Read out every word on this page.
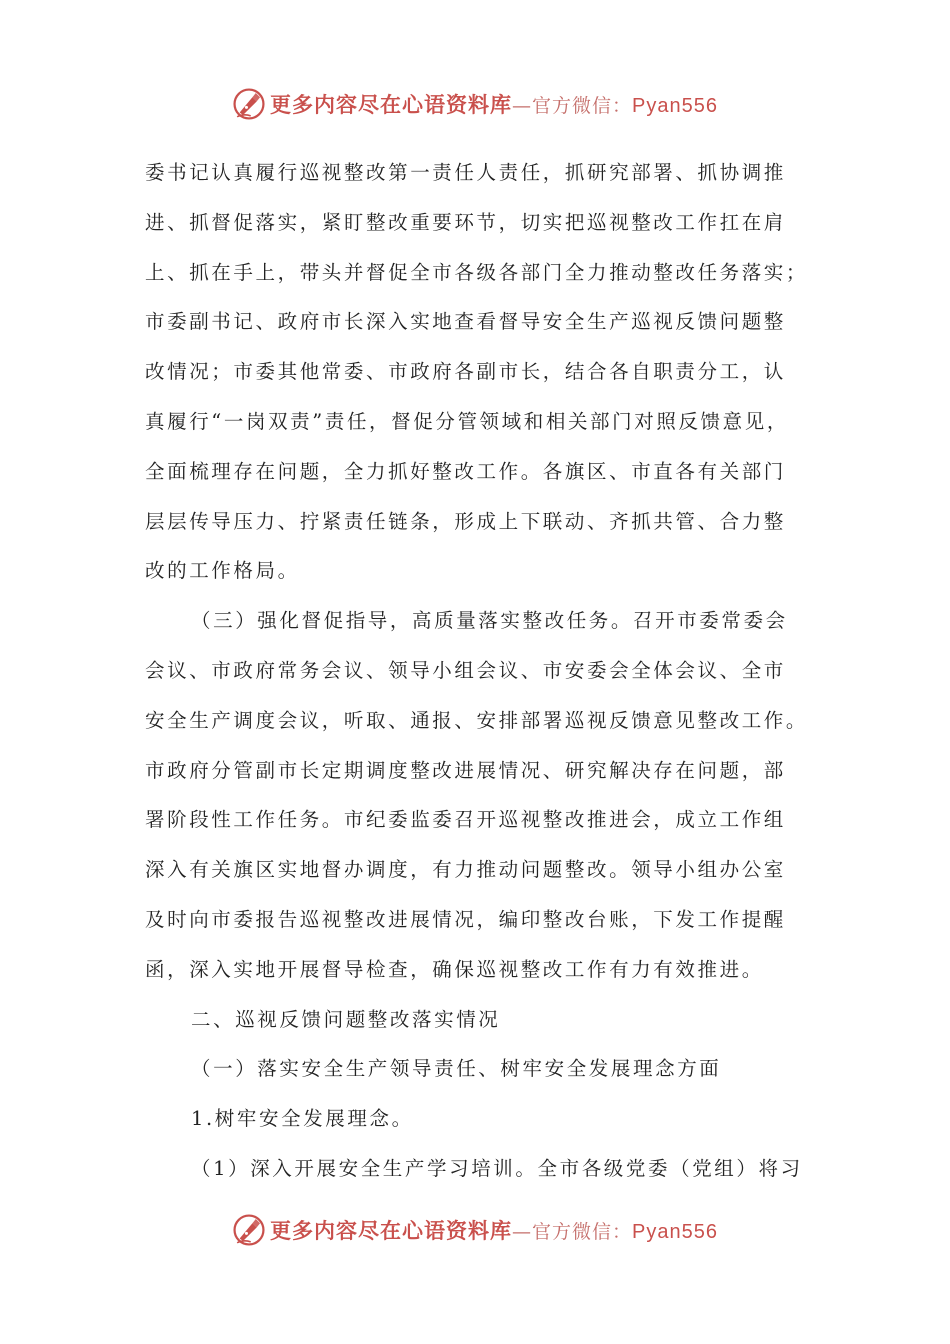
更多内容尽在心语资料库—官方微信：Pyan556
委书记认真履行巡视整改第一责任人责任，抓研究部署、抓协调推
进、抓督促落实，紧盯整改重要环节，切实把巡视整改工作扛在肩
上、抓在手上，带头并督促全市各级各部门全力推动整改任务落实；
市委副书记、政府市长深入实地查看督导安全生产巡视反馈问题整
改情况；市委其他常委、市政府各副市长，结合各自职责分工，认
真履行“一岗双责”责任，督促分管领域和相关部门对照反馈意见，
全面梳理存在问题，全力抓好整改工作。各旗区、市直各有关部门
层层传导压力、拧紧责任链条，形成上下联动、齐抓共管、合力整
改的工作格局。
（三）强化督促指导，高质量落实整改任务。召开市委常委会
会议、市政府常务会议、领导小组会议、市安委会全体会议、全市
安全生产调度会议，听取、通报、安排部署巡视反馈意见整改工作。
市政府分管副市长定期调度整改进展情况、研究解决存在问题，部
署阶段性工作任务。市纪委监委召开巡视整改推进会，成立工作组
深入有关旗区实地督办调度，有力推动问题整改。领导小组办公室
及时向市委报告巡视整改进展情况，编印整改台账，下发工作提醒
函，深入实地开展督导检查，确保巡视整改工作有力有效推进。
二、巡视反馈问题整改落实情况
（一）落实安全生产领导责任、树牢安全发展理念方面
1.树牢安全发展理念。
（1）深入开展安全生产学习培训。全市各级党委（党组）将习
更多内容尽在心语资料库—官方微信：Pyan556
